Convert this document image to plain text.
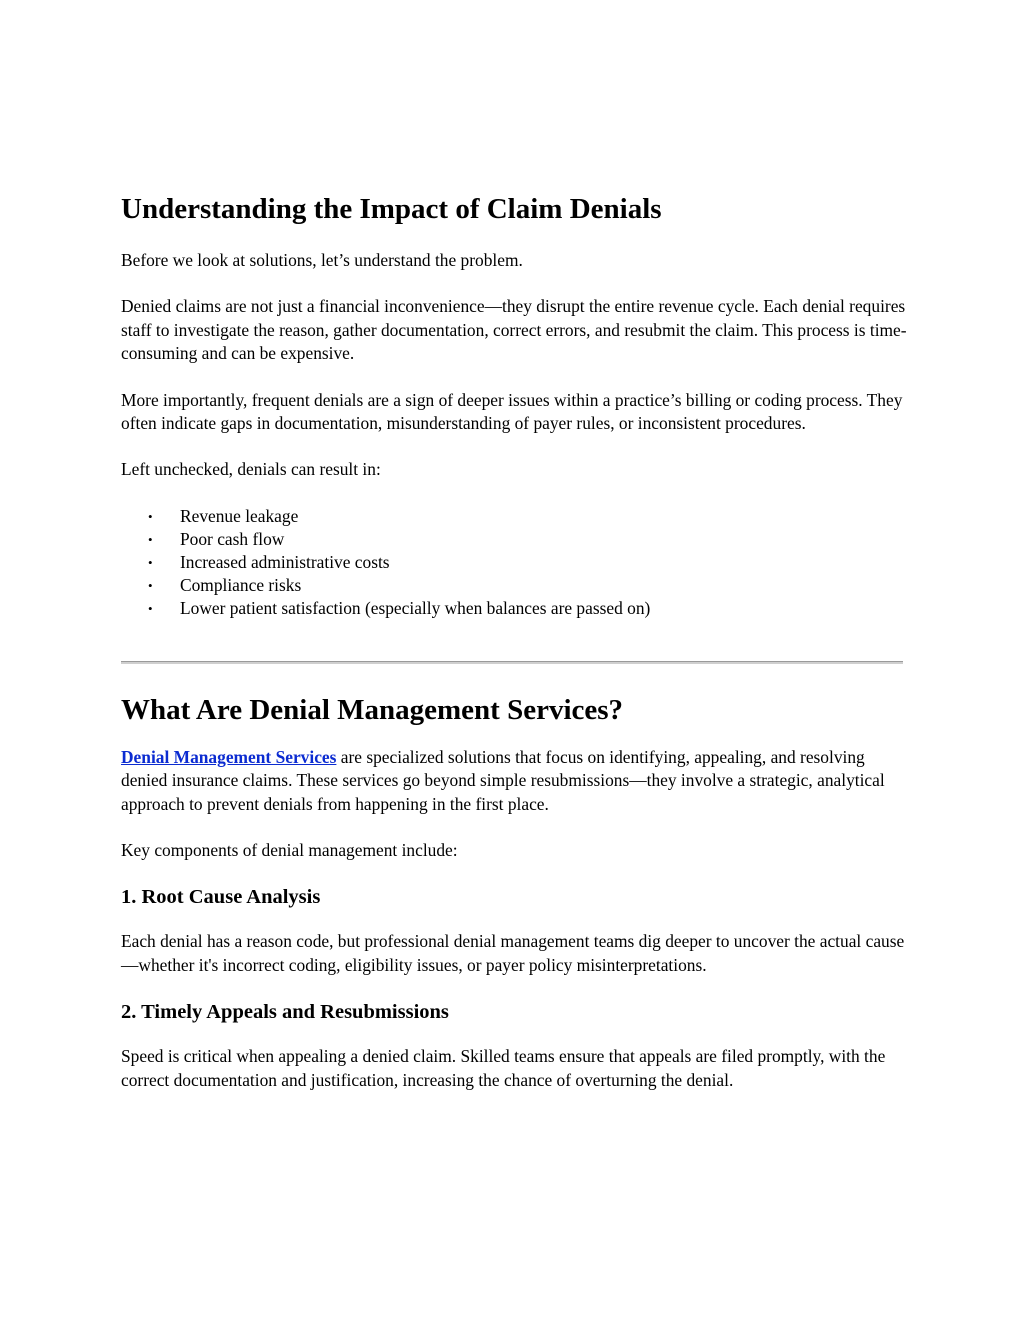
Understanding the Impact of Claim Denials

Before we look at solutions, let’s understand the problem.

Denied claims are not just a financial inconvenience—they disrupt the entire revenue cycle. Each denial requires staff to investigate the reason, gather documentation, correct errors, and resubmit the claim. This process is time-consuming and can be expensive.

More importantly, frequent denials are a sign of deeper issues within a practice’s billing or coding process. They often indicate gaps in documentation, misunderstanding of payer rules, or inconsistent procedures.

Left unchecked, denials can result in:

• Revenue leakage
• Poor cash flow
• Increased administrative costs
• Compliance risks
• Lower patient satisfaction (especially when balances are passed on)
What Are Denial Management Services?

Denial Management Services are specialized solutions that focus on identifying, appealing, and resolving denied insurance claims. These services go beyond simple resubmissions—they involve a strategic, analytical approach to prevent denials from happening in the first place.

Key components of denial management include:

1. Root Cause Analysis

Each denial has a reason code, but professional denial management teams dig deeper to uncover the actual cause—whether it's incorrect coding, eligibility issues, or payer policy misinterpretations.

2. Timely Appeals and Resubmissions

Speed is critical when appealing a denied claim. Skilled teams ensure that appeals are filed promptly, with the correct documentation and justification, increasing the chance of overturning the denial.
